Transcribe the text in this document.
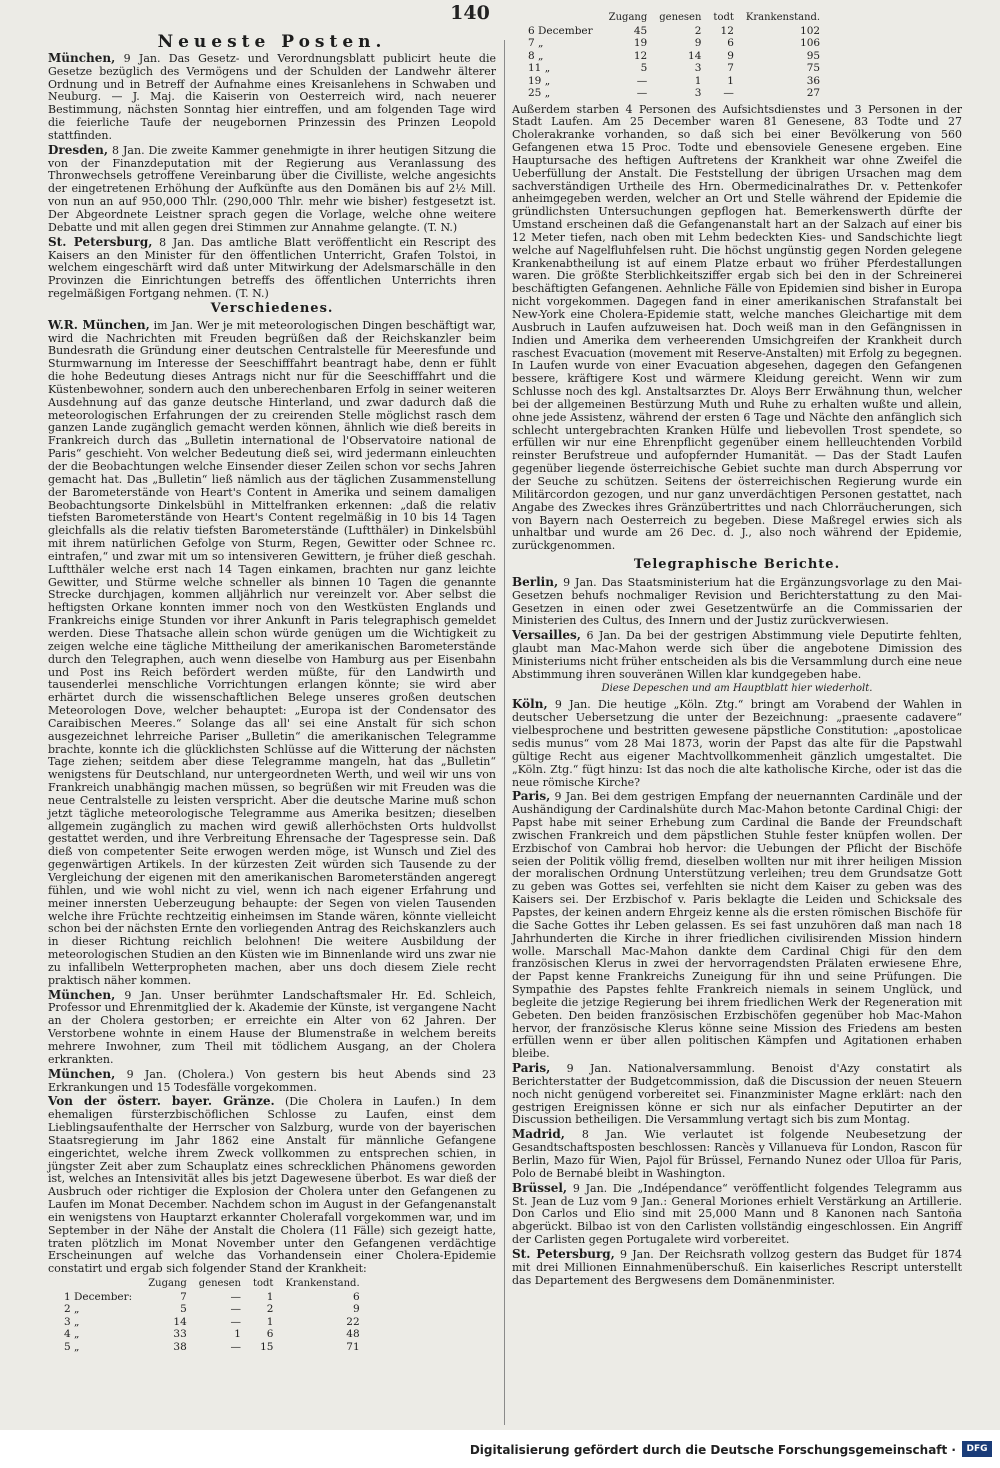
140
Neueste Posten.

München, 9 Jan. Das Gesetz- und Verordnungsblatt publicirt heute die Gesetze bezüglich des Vermögens und der Schulden der Landwehr älterer Ordnung und in Betreff der Aufnahme eines Kreisanlehens in Schwaben und Neuburg. — J. Maj. die Kaiserin von Oesterreich wird, nach neuerer Bestimmung, nächsten Sonntag hier eintreffen, und am folgenden Tage wird die feierliche Taufe der neugebornen Prinzessin des Prinzen Leopold stattfinden.

Dresden, 8 Jan. Die zweite Kammer genehmigte in ihrer heutigen Sitzung die von der Finanzdeputation mit der Regierung aus Veranlassung des Thronwechsels getroffene Vereinbarung über die Civilliste, welche angesichts der eingetretenen Erhöhung der Aufkünfte aus den Domänen bis auf 2½ Mill. von nun an auf 950,000 Thlr. (290,000 Thlr. mehr wie bisher) festgesetzt ist. Der Abgeordnete Leistner sprach gegen die Vorlage, welche ohne weitere Debatte und mit allen gegen drei Stimmen zur Annahme gelangte. (T. N.)

St. Petersburg, 8 Jan. Das amtliche Blatt veröffentlicht ein Rescript des Kaisers an den Minister für den öffentlichen Unterricht, Grafen Tolstoi, in welchem eingeschärft wird daß unter Mitwirkung der Adelsmarschälle in den Provinzen die Einrichtungen betreffs des öffentlichen Unterrichts ihren regelmäßigen Fortgang nehmen. (T. N.)

Verschiedenes.

W.R. München, im Jan. Wer je mit meteorologischen Dingen beschäftigt war, wird die Nachrichten mit Freuden begrüßen daß der Reichskanzler beim Bundesrath die Gründung einer deutschen Centralstelle für Meeresfunde und Sturmwarnung im Interesse der Seeschifffahrt beantragt habe, denn er fühlt die hohe Bedeutung dieses Antrags nicht nur für die Seeschifffahrt und die Küstenbewohner, sondern auch den unberechenbaren Erfolg in seiner weiteren Ausdehnung auf das ganze deutsche Hinterland, und zwar dadurch daß die meteorologischen Erfahrungen der zu creirenden Stelle möglichst rasch dem ganzen Lande zugänglich gemacht werden können, ähnlich wie dieß bereits in Frankreich durch das „Bulletin international de l'Observatoire national de Paris“ geschieht. Von welcher Bedeutung dieß sei, wird jedermann einleuchten der die Beobachtungen welche Einsender dieser Zeilen schon vor sechs Jahren gemacht hat. Das „Bulletin“ ließ nämlich aus der täglichen Zusammenstellung der Barometerstände von Heart's Content in Amerika und seinem damaligen Beobachtungsorte Dinkelsbühl in Mittelfranken erkennen: „daß die relativ tiefsten Barometerstände von Heart's Content regelmäßig in 10 bis 14 Tagen gleichfalls als die relativ tiefsten Barometerstände (Luftthäler) in Dinkelsbühl mit ihrem natürlichen Gefolge von Sturm, Regen, Gewitter oder Schnee rc. eintrafen,“ und zwar mit um so intensiveren Gewittern, je früher dieß geschah. Luftthäler welche erst nach 14 Tagen einkamen, brachten nur ganz leichte Gewitter, und Stürme welche schneller als binnen 10 Tagen die genannte Strecke durchjagen, kommen alljährlich nur vereinzelt vor. Aber selbst die heftigsten Orkane konnten immer noch von den Westküsten Englands und Frankreichs einige Stunden vor ihrer Ankunft in Paris telegraphisch gemeldet werden. Diese Thatsache allein schon würde genügen um die Wichtigkeit zu zeigen welche eine tägliche Mittheilung der amerikanischen Barometerstände durch den Telegraphen, auch wenn dieselbe von Hamburg aus per Eisenbahn und Post ins Reich befördert werden müßte, für den Landwirth und tausenderlei menschliche Vorrichtungen erlangen könnte; sie wird aber erhärtet durch die wissenschaftlichen Belege unseres großen deutschen Meteorologen Dove, welcher behauptet: „Europa ist der Condensator des Caraibischen Meeres.“ Solange das all' sei eine Anstalt für sich schon ausgezeichnet lehrreiche Pariser „Bulletin“ die amerikanischen Telegramme brachte, konnte ich die glücklichsten Schlüsse auf die Witterung der nächsten Tage ziehen; seitdem aber diese Telegramme mangeln, hat das „Bulletin“ wenigstens für Deutschland, nur untergeordneten Werth, und weil wir uns von Frankreich unabhängig machen müssen, so begrüßen wir mit Freuden was die neue Centralstelle zu leisten verspricht. Aber die deutsche Marine muß schon jetzt tägliche meteorologische Telegramme aus Amerika besitzen; dieselben allgemein zugänglich zu machen wird gewiß allerhöchsten Orts huldvollst gestattet werden, und ihre Verbreitung Ehrensache der Tagespresse sein. Daß dieß von competenter Seite erwogen werden möge, ist Wunsch und Ziel des gegenwärtigen Artikels. In der kürzesten Zeit würden sich Tausende zu der Vergleichung der eigenen mit den amerikanischen Barometerständen angeregt fühlen, und wie wohl nicht zu viel, wenn ich nach eigener Erfahrung und meiner innersten Ueberzeugung behaupte: der Segen von vielen Tausenden welche ihre Früchte rechtzeitig einheimsen im Stande wären, könnte vielleicht schon bei der nächsten Ernte den vorliegenden Antrag des Reichskanzlers auch in dieser Richtung reichlich belohnen! Die weitere Ausbildung der meteorologischen Studien an den Küsten wie im Binnenlande wird uns zwar nie zu infallibeln Wetterpropheten machen, aber uns doch diesem Ziele recht praktisch näher kommen.

München, 9 Jan. Unser berühmter Landschaftsmaler Hr. Ed. Schleich, Professor und Ehrenmitglied der k. Akademie der Künste, ist vergangene Nacht an der Cholera gestorben; er erreichte ein Alter von 62 Jahren. Der Verstorbene wohnte in einem Hause der Blumenstraße in welchem bereits mehrere Inwohner, zum Theil mit tödlichem Ausgang, an der Cholera erkrankten.

München, 9 Jan. (Cholera.) Von gestern bis heut Abends sind 23 Erkrankungen und 15 Todesfälle vorgekommen.

Von der österr. bayer. Gränze. (Die Cholera in Laufen.) In dem ehemaligen fürsterzbischöflichen Schlosse zu Laufen, einst dem Lieblingsaufenthalte der Herrscher von Salzburg, wurde von der bayerischen Staatsregierung im Jahr 1862 eine Anstalt für männliche Gefangene eingerichtet, welche ihrem Zweck vollkommen zu entsprechen schien, in jüngster Zeit aber zum Schauplatz eines schrecklichen Phänomens geworden ist, welches an Intensivität alles bis jetzt Dagewesene überbot. Es war dieß der Ausbruch oder richtiger die Explosion der Cholera unter den Gefangenen zu Laufen im Monat December. Nachdem schon im August in der Gefangenanstalt ein wenigstens von Hauptarzt erkannter Cholerafall vorgekommen war, und im September in der Nähe der Anstalt die Cholera (11 Fälle) sich gezeigt hatte, traten plötzlich im Monat November unter den Gefangenen verdächtige Erscheinungen auf welche das Vorhandensein einer Cholera-Epidemie constatirt und ergab sich folgender Stand der Krankheit:

	Zugang	genesen	todt	Krankenstand.
1 December:	7	—	1	6
2 „	5	—	2	9
3 „	14	—	1	22
4 „	33	1	6	48
5 „	38	—	15	71
	Zugang	genesen	todt	Krankenstand.
6 December	45	2	12	102
7 „	19	9	6	106
8 „	12	14	9	95
11 „	5	3	7	75
19 „	—	1	1	36
25 „	—	3	—	27

Außerdem starben 4 Personen des Aufsichtsdienstes und 3 Personen in der Stadt Laufen. Am 25 December waren 81 Genesene, 83 Todte und 27 Cholerakranke vorhanden, so daß sich bei einer Bevölkerung von 560 Gefangenen etwa 15 Proc. Todte und ebensoviele Genesene ergeben. Eine Hauptursache des heftigen Auftretens der Krankheit war ohne Zweifel die Ueberfüllung der Anstalt. Die Feststellung der übrigen Ursachen mag dem sachverständigen Urtheile des Hrn. Obermedicinalrathes Dr. v. Pettenkofer anheimgegeben werden, welcher an Ort und Stelle während der Epidemie die gründlichsten Untersuchungen gepflogen hat. Bemerkenswerth dürfte der Umstand erscheinen daß die Gefangenanstalt hart an der Salzach auf einer bis 12 Meter tiefen, nach oben mit Lehm bedeckten Kies- und Sandschichte liegt welche auf Nagelfluhfelsen ruht. Die höchst ungünstig gegen Norden gelegene Krankenabtheilung ist auf einem Platze erbaut wo früher Pferdestallungen waren. Die größte Sterblichkeitsziffer ergab sich bei den in der Schreinerei beschäftigten Gefangenen. Aehnliche Fälle von Epidemien sind bisher in Europa nicht vorgekommen. Dagegen fand in einer amerikanischen Strafanstalt bei New-York eine Cholera-Epidemie statt, welche manches Gleichartige mit dem Ausbruch in Laufen aufzuweisen hat. Doch weiß man in den Gefängnissen in Indien und Amerika dem verheerenden Umsichgreifen der Krankheit durch raschest Evacuation (movement mit Reserve-Anstalten) mit Erfolg zu begegnen. In Laufen wurde von einer Evacuation abgesehen, dagegen den Gefangenen bessere, kräftigere Kost und wärmere Kleidung gereicht. Wenn wir zum Schlusse noch des kgl. Anstaltsarztes Dr. Aloys Berr Erwähnung thun, welcher bei der allgemeinen Bestürzung Muth und Ruhe zu erhalten wußte und allein, ohne jede Assistenz, während der ersten 6 Tage und Nächte den anfänglich sich schlecht untergebrachten Kranken Hülfe und liebevollen Trost spendete, so erfüllen wir nur eine Ehrenpflicht gegenüber einem hellleuchtenden Vorbild reinster Berufstreue und aufopfernder Humanität. — Das der Stadt Laufen gegenüber liegende österreichische Gebiet suchte man durch Absperrung vor der Seuche zu schützen. Seitens der österreichischen Regierung wurde ein Militärcordon gezogen, und nur ganz unverdächtigen Personen gestattet, nach Angabe des Zweckes ihres Gränzübertrittes und nach Chlorräucherungen, sich von Bayern nach Oesterreich zu begeben. Diese Maßregel erwies sich als unhaltbar und wurde am 26 Dec. d. J., also noch während der Epidemie, zurückgenommen.

Telegraphische Berichte.

Berlin, 9 Jan. Das Staatsministerium hat die Ergänzungsvorlage zu den Mai-Gesetzen behufs nochmaliger Revision und Berichterstattung zu den Mai-Gesetzen in einen oder zwei Gesetzentwürfe an die Commissarien der Ministerien des Cultus, des Innern und der Justiz zurückverwiesen.

Versailles, 6 Jan. Da bei der gestrigen Abstimmung viele Deputirte fehlten, glaubt man Mac-Mahon werde sich über die angebotene Dimission des Ministeriums nicht früher entscheiden als bis die Versammlung durch eine neue Abstimmung ihren souveränen Willen klar kundgegeben habe.

Diese Depeschen und am Hauptblatt hier wiederholt.

Köln, 9 Jan. Die heutige „Köln. Ztg.“ bringt am Vorabend der Wahlen in deutscher Uebersetzung die unter der Bezeichnung: „praesente cadavere“ vielbesprochene und bestritten gewesene päpstliche Constitution: „apostolicae sedis munus“ vom 28 Mai 1873, worin der Papst das alte für die Papstwahl gültige Recht aus eigener Machtvollkommenheit gänzlich umgestaltet. Die „Köln. Ztg.“ fügt hinzu: Ist das noch die alte katholische Kirche, oder ist das die neue römische Kirche?

Paris, 9 Jan. Bei dem gestrigen Empfang der neuernannten Cardinäle und der Aushändigung der Cardinalshüte durch Mac-Mahon betonte Cardinal Chigi: der Papst habe mit seiner Erhebung zum Cardinal die Bande der Freundschaft zwischen Frankreich und dem päpstlichen Stuhle fester knüpfen wollen. Der Erzbischof von Cambrai hob hervor: die Uebungen der Pflicht der Bischöfe seien der Politik völlig fremd, dieselben wollten nur mit ihrer heiligen Mission der moralischen Ordnung Unterstützung verleihen; treu dem Grundsatze Gott zu geben was Gottes sei, verfehlten sie nicht dem Kaiser zu geben was des Kaisers sei. Der Erzbischof v. Paris beklagte die Leiden und Schicksale des Papstes, der keinen andern Ehrgeiz kenne als die ersten römischen Bischöfe für die Sache Gottes ihr Leben gelassen. Es sei fast unzuhören daß man nach 18 Jahrhunderten die Kirche in ihrer friedlichen civilisirenden Mission hindern wolle. Marschall Mac-Mahon dankte dem Cardinal Chigi für den dem französischen Klerus in zwei der hervorragendsten Prälaten erwiesene Ehre, der Papst kenne Frankreichs Zuneigung für ihn und seine Prüfungen. Die Sympathie des Papstes fehlte Frankreich niemals in seinem Unglück, und begleite die jetzige Regierung bei ihrem friedlichen Werk der Regeneration mit Gebeten. Den beiden französischen Erzbischöfen gegenüber hob Mac-Mahon hervor, der französische Klerus könne seine Mission des Friedens am besten erfüllen wenn er über allen politischen Kämpfen und Agitationen erhaben bleibe.

Paris, 9 Jan. Nationalversammlung. Benoist d'Azy constatirt als Berichterstatter der Budgetcommission, daß die Discussion der neuen Steuern noch nicht genügend vorbereitet sei. Finanzminister Magne erklärt: nach den gestrigen Ereignissen könne er sich nur als einfacher Deputirter an der Discussion betheiligen. Die Versammlung vertagt sich bis zum Montag.

Madrid, 8 Jan. Wie verlautet ist folgende Neubesetzung der Gesandtschaftsposten beschlossen: Rancès y Villanueva für London, Rascon für Berlin, Mazo für Wien, Pajol für Brüssel, Fernando Nunez oder Ulloa für Paris, Polo de Bernabé bleibt in Washington.

Brüssel, 9 Jan. Die „Indépendance“ veröffentlicht folgendes Telegramm aus St. Jean de Luz vom 9 Jan.: General Moriones erhielt Verstärkung an Artillerie. Don Carlos und Elio sind mit 25,000 Mann und 8 Kanonen nach Santoña abgerückt. Bilbao ist von den Carlisten vollständig eingeschlossen. Ein Angriff der Carlisten gegen Portugalete wird vorbereitet.

St. Petersburg, 9 Jan. Der Reichsrath vollzog gestern das Budget für 1874 mit drei Millionen Einnahmenüberschuß. Ein kaiserliches Rescript unterstellt das Departement des Bergwesens dem Domänenminister.

Digitalisierung gefördert durch die Deutsche Forschungsgemeinschaft ·	DFG
